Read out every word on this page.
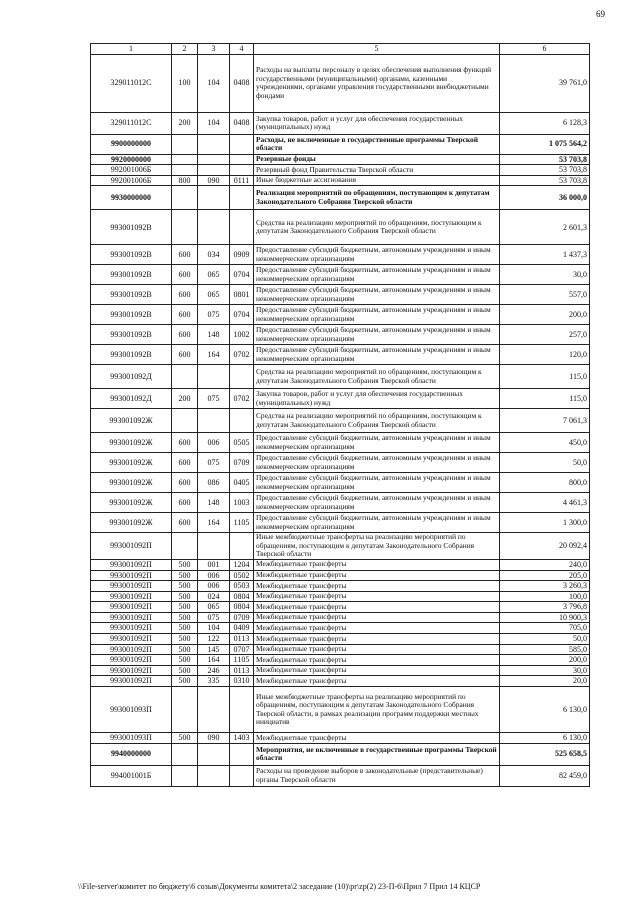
69
1	2	3	4	5	6
329011012С	100	104	0408	Расходы на выплаты персоналу в целях обеспечения выполнения функций государственными (муниципальными) органами, казенными учреждениями, органами управления государственными внебюджетными фондами	39 761,0
329011012С	200	104	0408	Закупка товаров, работ и услуг для обеспечения государственных (муниципальных) нужд	6 128,3
9900000000				Расходы, не включенные в государственные программы Тверской области	1 075 564,2
9920000000				Резервные фонды	53 703,8
992001006Б				Резервный фонд Правительства Тверской области	53 703,8
992001006Б	800	090	0111	Иные бюджетные ассигнования	53 703,8
9930000000				Реализация мероприятий по обращениям, поступающим к депутатам Законодательного Собрания Тверской области	36 000,0
993001092В				Средства на реализацию мероприятий по обращениям, поступающим к депутатам Законодательного Собрания Тверской области	2 601,3
993001092В	600	034	0909	Предоставление субсидий бюджетным, автономным учреждениям и иным некоммерческим организациям	1 437,3
993001092В	600	065	0704	Предоставление субсидий бюджетным, автономным учреждениям и иным некоммерческим организациям	30,0
993001092В	600	065	0801	Предоставление субсидий бюджетным, автономным учреждениям и иным некоммерческим организациям	557,0
993001092В	600	075	0704	Предоставление субсидий бюджетным, автономным учреждениям и иным некоммерческим организациям	200,0
993001092В	600	148	1002	Предоставление субсидий бюджетным, автономным учреждениям и иным некоммерческим организациям	257,0
993001092В	600	164	0702	Предоставление субсидий бюджетным, автономным учреждениям и иным некоммерческим организациям	120,0
993001092Д				Средства на реализацию мероприятий по обращениям, поступающим к депутатам Законодательного Собрания Тверской области	115,0
993001092Д	200	075	0702	Закупка товаров, работ и услуг для обеспечения государственных (муниципальных) нужд	115,0
993001092Ж				Средства на реализацию мероприятий по обращениям, поступающим к депутатам Законодательного Собрания Тверской области	7 061,3
993001092Ж	600	006	0505	Предоставление субсидий бюджетным, автономным учреждениям и иным некоммерческим организациям	450,0
993001092Ж	600	075	0709	Предоставление субсидий бюджетным, автономным учреждениям и иным некоммерческим организациям	50,0
993001092Ж	600	086	0405	Предоставление субсидий бюджетным, автономным учреждениям и иным некоммерческим организациям	800,0
993001092Ж	600	148	1003	Предоставление субсидий бюджетным, автономным учреждениям и иным некоммерческим организациям	4 461,3
993001092Ж	600	164	1105	Предоставление субсидий бюджетным, автономным учреждениям и иным некоммерческим организациям	1 300,0
993001092П				Иные межбюджетные трансферты на реализацию мероприятий по обращениям, поступающим к депутатам Законодательного Собрания Тверской области	20 092,4
993001092П	500	001	1204	Межбюджетные трансферты	240,0
993001092П	500	006	0502	Межбюджетные трансферты	205,0
993001092П	500	006	0503	Межбюджетные трансферты	3 260,3
993001092П	500	024	0804	Межбюджетные трансферты	100,0
993001092П	500	065	0804	Межбюджетные трансферты	3 796,8
993001092П	500	075	0709	Межбюджетные трансферты	10 900,3
993001092П	500	104	0409	Межбюджетные трансферты	705,0
993001092П	500	122	0113	Межбюджетные трансферты	50,0
993001092П	500	145	0707	Межбюджетные трансферты	585,0
993001092П	500	164	1105	Межбюджетные трансферты	200,0
993001092П	500	246	0113	Межбюджетные трансферты	30,0
993001092П	500	335	0310	Межбюджетные трансферты	20,0
993001093П				Иные межбюджетные трансферты на реализацию мероприятий по обращениям, поступающим к депутатам Законодательного Собрания Тверской области, в рамках реализации программ поддержки местных инициатив	6 130,0
993001093П	500	090	1403	Межбюджетные трансферты	6 130,0
9940000000				Мероприятия, не включенные в государственные программы Тверской области	525 658,5
994001001Б				Расходы на проведение выборов в законодательные (представительные) органы Тверской области	82 459,0
\\File-server\комитет по бюджету\6 созыв\Документы комитета\2 заседание (10)\pr\zp(2) 23-П-6\Прил 7 Прил 14 КЦСР
